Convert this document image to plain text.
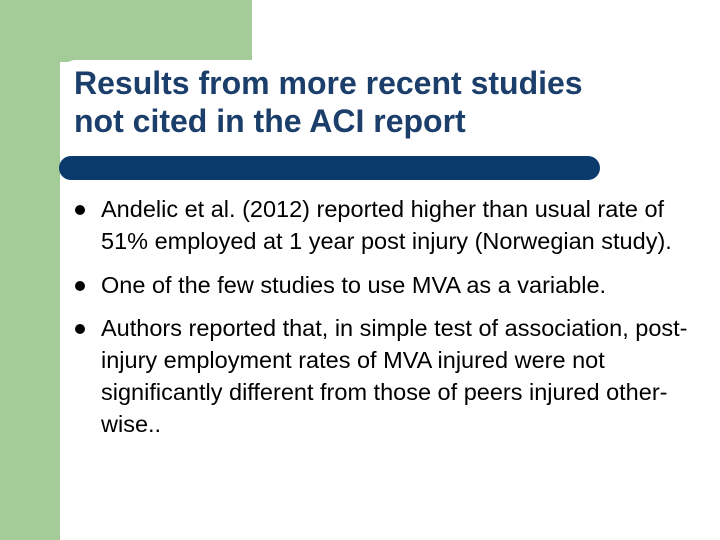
Results from more recent studies
not cited in the ACI report
Andelic et al. (2012) reported higher than usual rate of 51% employed at 1 year post injury (Norwegian study).
One of the few studies to use MVA as a variable.
Authors reported that, in simple test of association, post-injury employment rates of MVA injured were not significantly different from those of peers injured other-wise..
